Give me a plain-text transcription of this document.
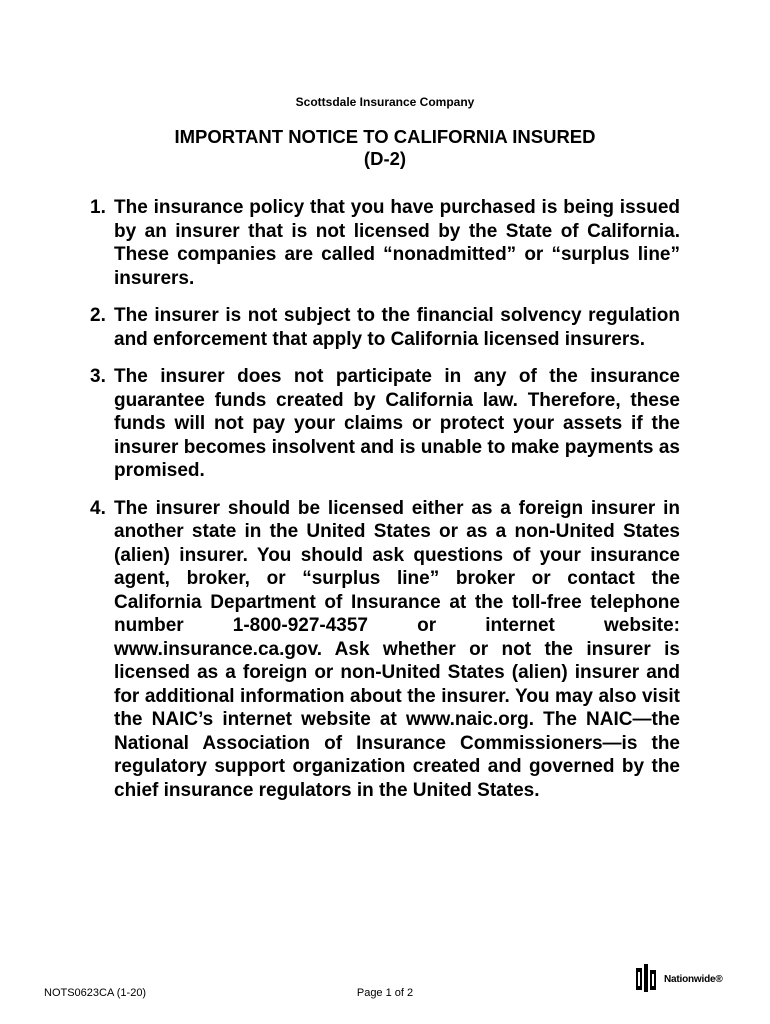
Scottsdale Insurance Company
IMPORTANT NOTICE TO CALIFORNIA INSURED
(D-2)
1. The insurance policy that you have purchased is being issued by an insurer that is not licensed by the State of California. These companies are called “nonadmitted” or “surplus line” insurers.
2. The insurer is not subject to the financial solvency regulation and enforcement that apply to California licensed insurers.
3. The insurer does not participate in any of the insurance guarantee funds created by California law. Therefore, these funds will not pay your claims or protect your assets if the insurer becomes insolvent and is unable to make payments as promised.
4. The insurer should be licensed either as a foreign insurer in another state in the United States or as a non-United States (alien) insurer. You should ask questions of your insurance agent, broker, or “surplus line” broker or contact the California Department of Insurance at the toll-free telephone number 1-800-927-4357 or internet website: www.insurance.ca.gov. Ask whether or not the insurer is licensed as a foreign or non-United States (alien) insurer and for additional information about the insurer. You may also visit the NAIC’s internet website at www.naic.org. The NAIC—the National Association of Insurance Commissioners—is the regulatory support organization created and governed by the chief insurance regulators in the United States.
NOTS0623CA (1-20)	Page 1 of 2
Nationwide®
